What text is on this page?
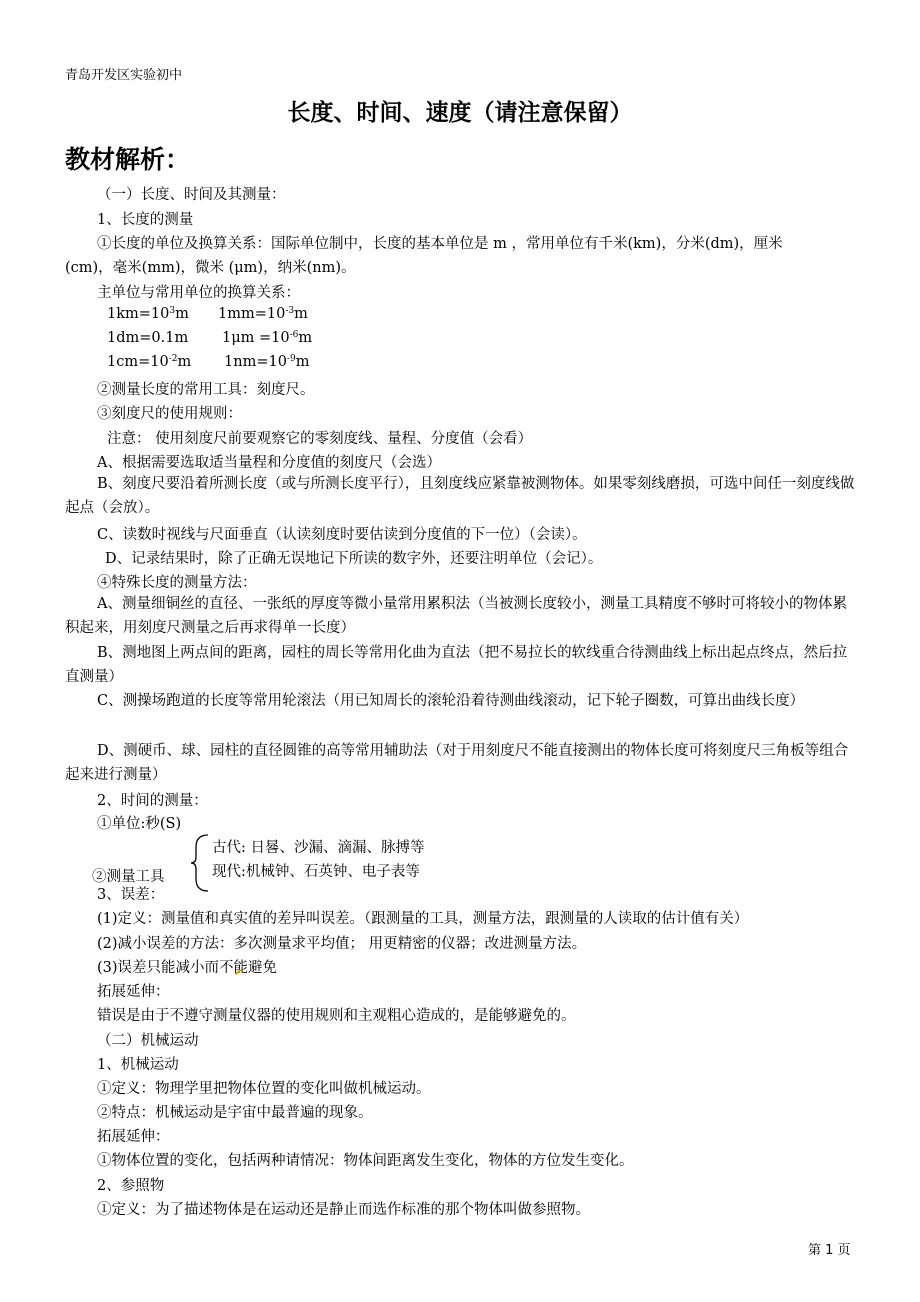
青岛开发区实验初中
长度、时间、速度（请注意保留）
教材解析：
（一）长度、时间及其测量：
1、长度的测量
①长度的单位及换算关系：国际单位制中，长度的基本单位是 m ，常用单位有千米(km)，分米(dm)，厘米
(cm)，毫米(mm)，微米 (μm)，纳米(nm)。
主单位与常用单位的换算关系：
$1km=10^3m$ $1mm=10^{-3}m$
1dm=0.1m $1\mu m =10^{-6}m$
$1cm=10^{-2}m$ $1nm=10^{-9}m$
②测量长度的常用工具：刻度尺。
③刻度尺的使用规则：
注意： 使用刻度尺前要观察它的零刻度线、量程、分度值（会看）
A、根据需要选取适当量程和分度值的刻度尺（会选）
B、刻度尺要沿着所测长度（或与所测长度平行），且刻度线应紧靠被测物体。如果零刻线磨损，可选中间任一刻度线做起点（会放）。
C、读数时视线与尺面垂直（认读刻度时要估读到分度值的下一位）（会读）。
D、记录结果时，除了正确无误地记下所读的数字外，还要注明单位（会记）。
④特殊长度的测量方法：
A、测量细铜丝的直径、一张纸的厚度等微小量常用累积法（当被测长度较小，测量工具精度不够时可将较小的物体累积起来，用刻度尺测量之后再求得单一长度）
B、测地图上两点间的距离，园柱的周长等常用化曲为直法（把不易拉长的软线重合待测曲线上标出起点终点，然后拉直测量）
C、测操场跑道的长度等常用轮滚法（用已知周长的滚轮沿着待测曲线滚动，记下轮子圈数，可算出曲线长度）
D、测硬币、球、园柱的直径圆锥的高等常用辅助法（对于用刻度尺不能直接测出的物体长度可将刻度尺三角板等组合起来进行测量）
2、时间的测量：
①单位:秒(S)
古代: 日晷、沙漏、滴漏、脉搏等
②测量工具	现代:机械钟、石英钟、电子表等
3、误差：
(1)定义：测量值和真实值的差异叫误差。（跟测量的工具，测量方法，跟测量的人读取的估计值有关）
(2)减小误差的方法：多次测量求平均值； 用更精密的仪器；改进测量方法。
(3)误差只能减小而不能避免
拓展延伸：
错误是由于不遵守测量仪器的使用规则和主观粗心造成的，是能够避免的。
（二）机械运动
1、机械运动
①定义：物理学里把物体位置的变化叫做机械运动。
②特点：机械运动是宇宙中最普遍的现象。
拓展延伸：
①物体位置的变化，包括两种请情况：物体间距离发生变化，物体的方位发生变化。
2、参照物
①定义：为了描述物体是在运动还是静止而选作标准的那个物体叫做参照物。
第 1 页
